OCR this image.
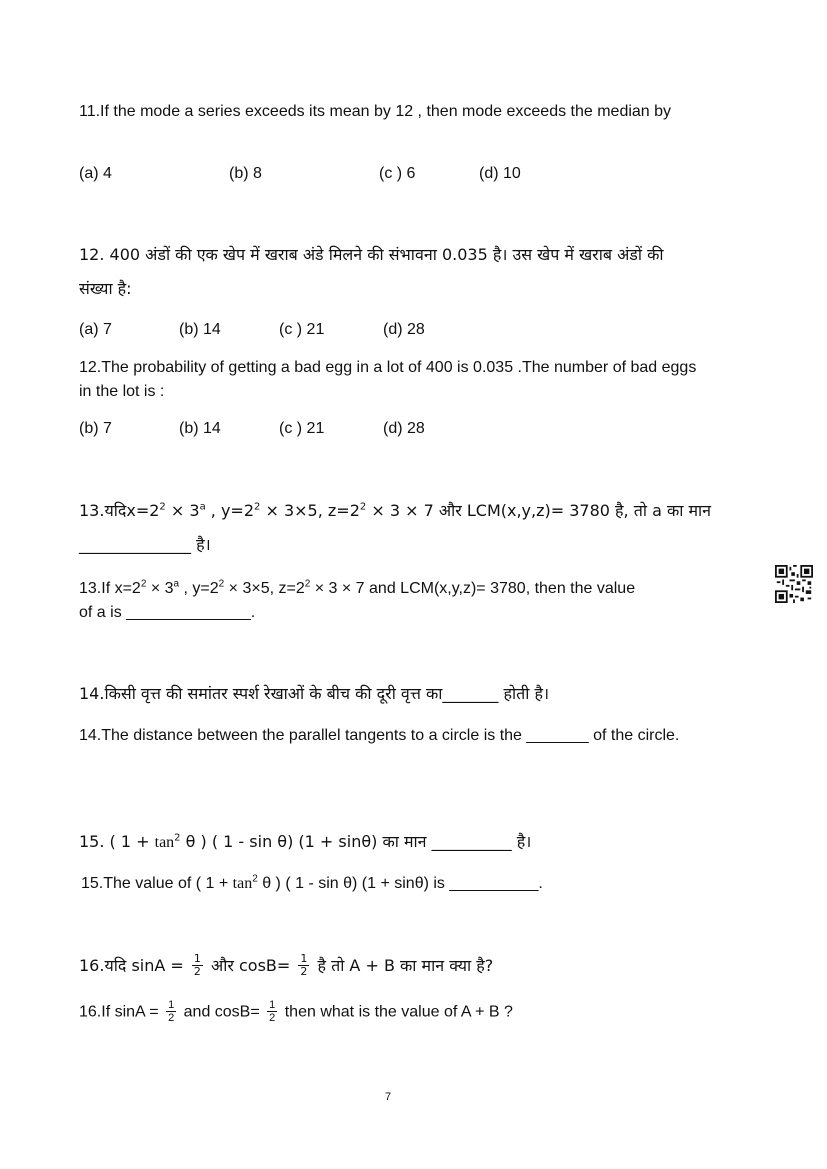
11.If the mode a series exceeds its mean by 12 , then mode exceeds the median by
(a) 4	(b) 8	(c ) 6	(d) 10
12. 400 अंडों की एक खेप में खराब अंडे मिलने की संभावना 0.035 है। उस खेप में खराब अंडों की संख्या है:
(a) 7	(b) 14	(c ) 21	(d) 28
12.The probability of getting a bad egg in a lot of 400 is 0.035 .The number of bad eggs in the lot is :
(b) 7	(b) 14	(c ) 21	(d) 28
$13.यदिx=2^2 \times 3^a$ , $y=2^2 \times 3\times 5$, $z=2^2 \times 3 \times 7$ और LCM(x,y,z)= 3780 है, तो a का मान
______________ है।
13.If $x=2^2 \times 3^a$ , $y=2^2 \times 3\times 5$, $z=2^2 \times 3 \times 7$ and LCM(x,y,z)= 3780, then the value
of a is ______________.
14.किसी वृत्त की समांतर स्पर्श रेखाओं के बीच की दूरी वृत्त का_______ होती है।
14.The distance between the parallel tangents to a circle is the _______ of the circle.
15. ( $1 + \tan^2 \theta$ ) ( 1 - sin θ) (1 + sinθ) का मान __________ है।
15.The value of ( $1 + \tan^2 \theta$ ) ( 1 - sin θ) (1 + sinθ) is __________.
16.यदि $\sin A = \frac{1}{2}$ और $\cos B= \frac{1}{2}$ है तो A + B का मान क्या है?
16.If $\sin A = \frac{1}{2}$ and $\cos B= \frac{1}{2}$ then what is the value of A + B ?
7
